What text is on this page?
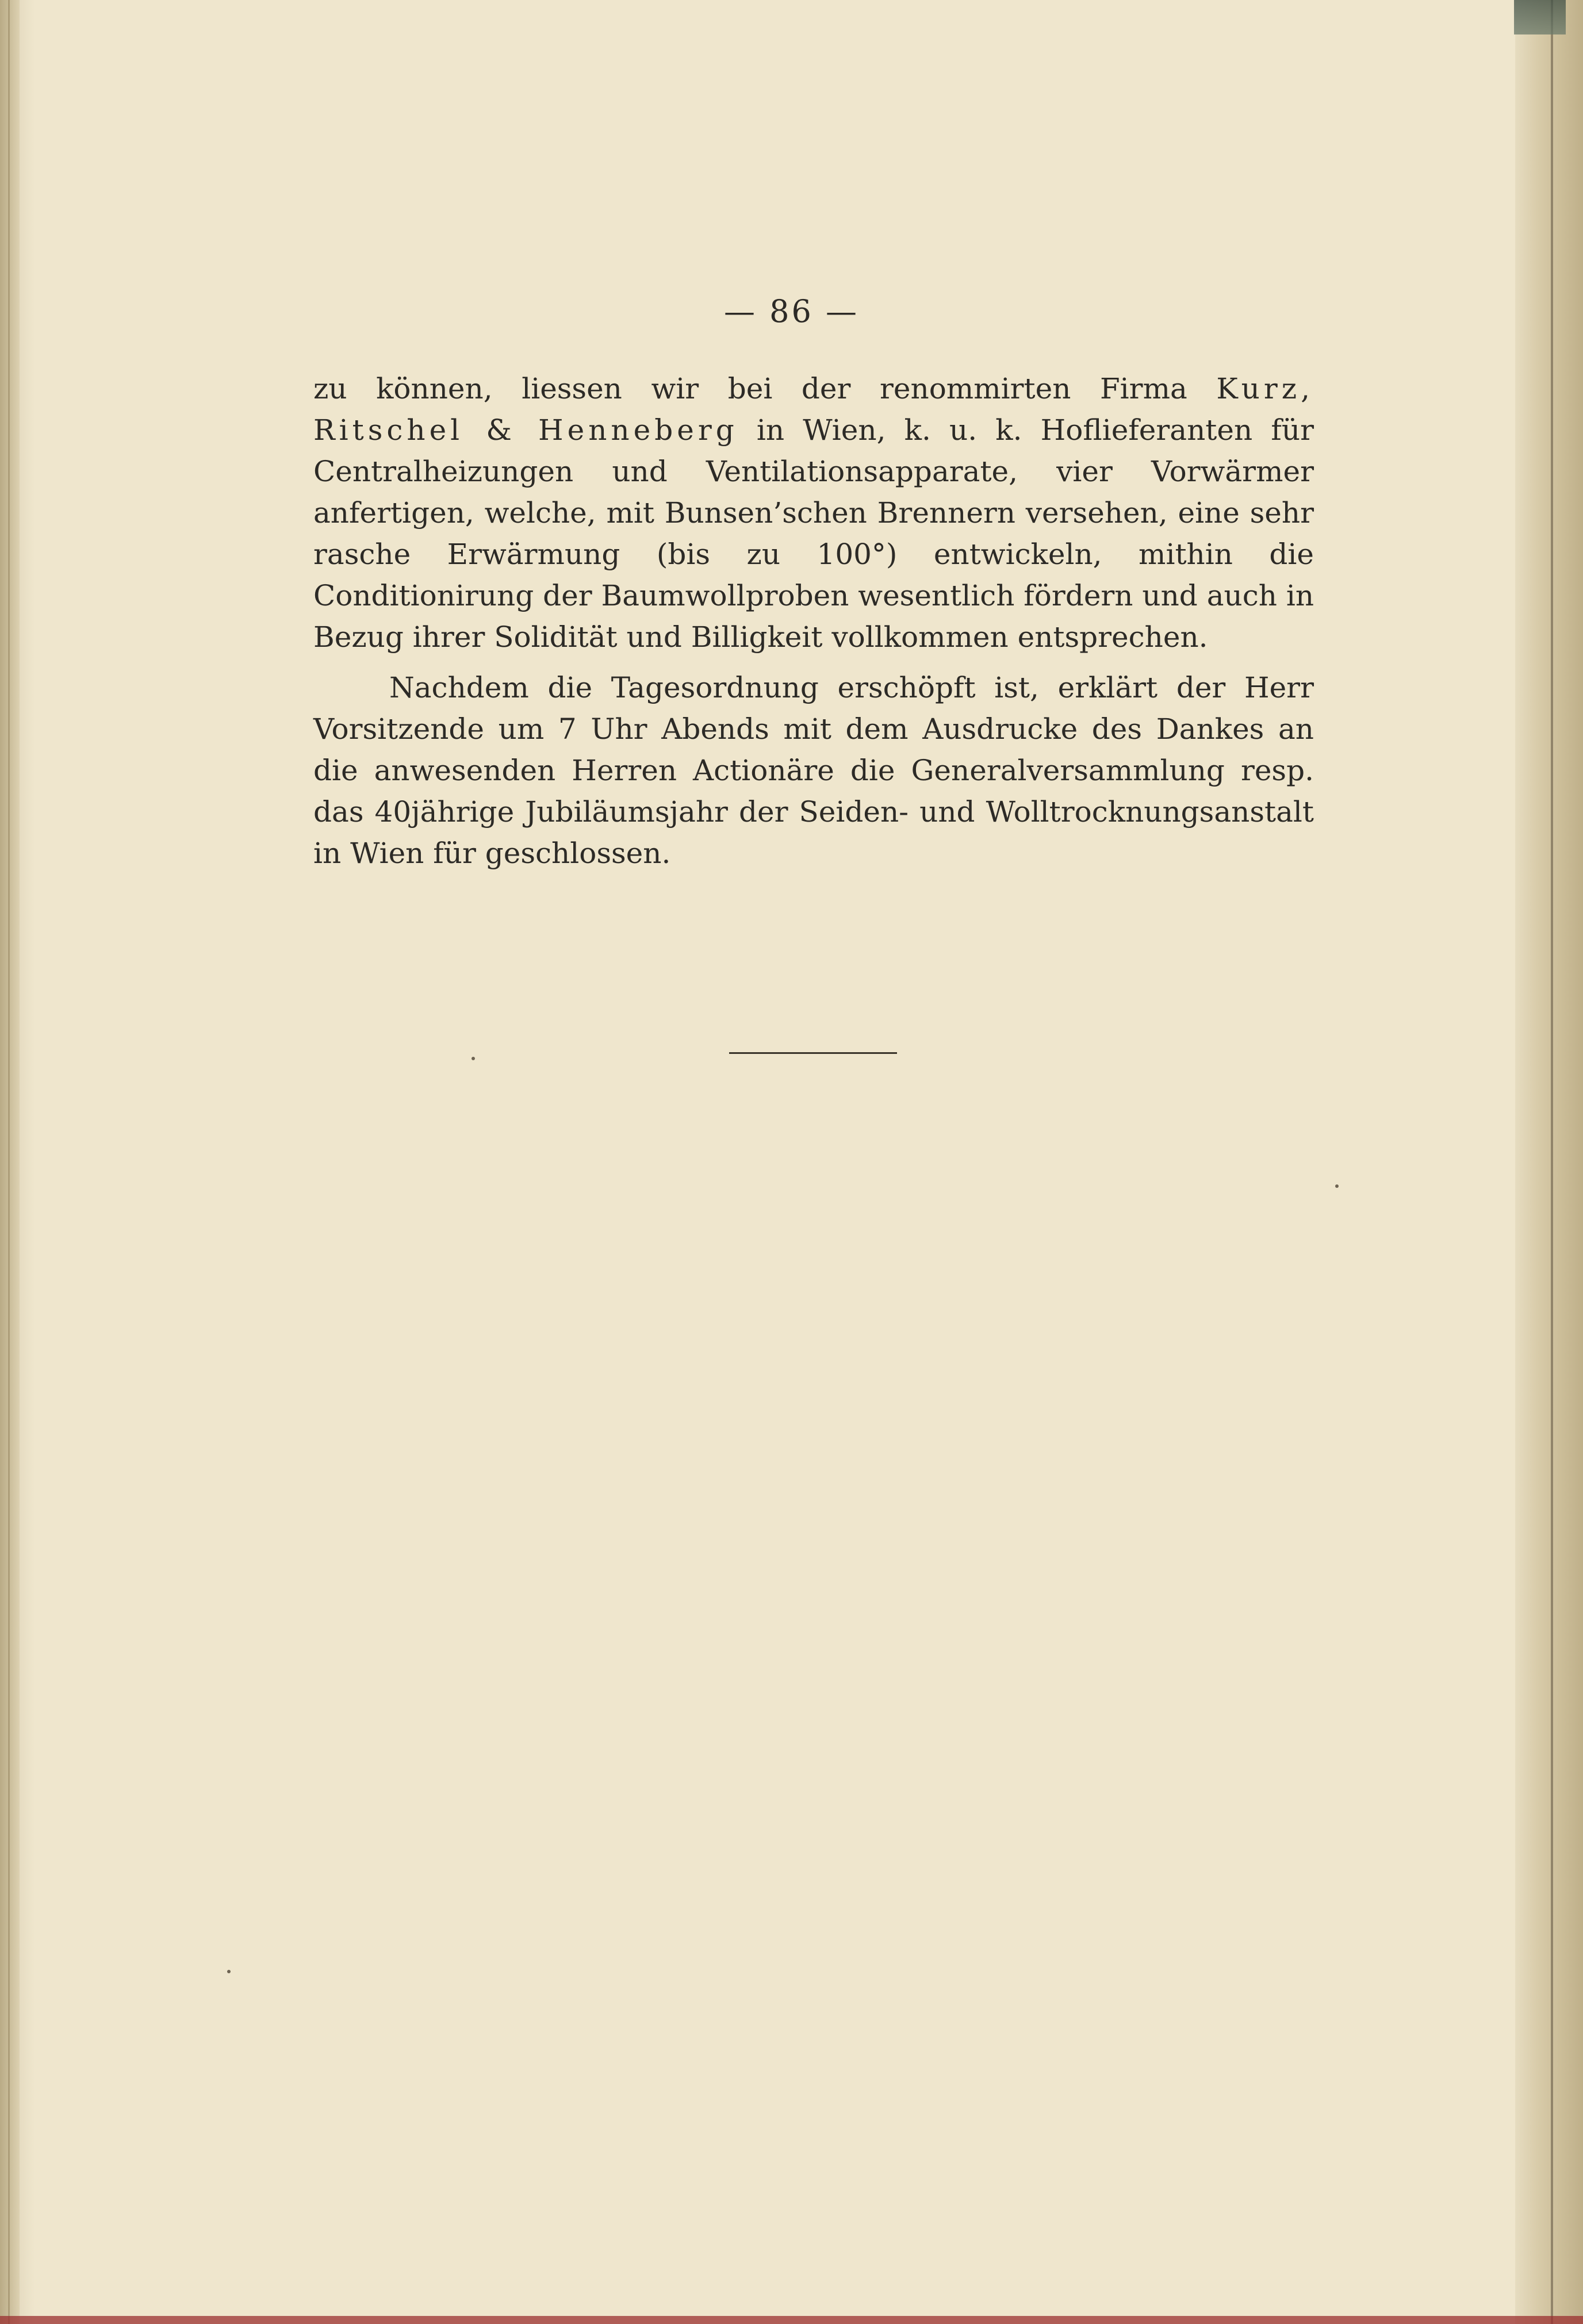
— 86 —

zu können, liessen wir bei der renommirten Firma Kurz, Ritschel & Henneberg in Wien, k. u. k. Hoflieferanten für Centralheizungen und Ventilationsapparate, vier Vorwärmer anfertigen, welche, mit Bunsen’schen Brennern versehen, eine sehr rasche Erwärmung (bis zu 100°) entwickeln, mithin die Conditionirung der Baumwollproben wesentlich fördern und auch in Bezug ihrer Solidität und Billigkeit vollkommen entsprechen.

Nachdem die Tagesordnung erschöpft ist, erklärt der Herr Vorsitzende um 7 Uhr Abends mit dem Ausdrucke des Dankes an die anwesenden Herren Actionäre die Generalversammlung resp. das 40jährige Jubiläumsjahr der Seiden- und Wolltrocknungsanstalt in Wien für geschlossen.
